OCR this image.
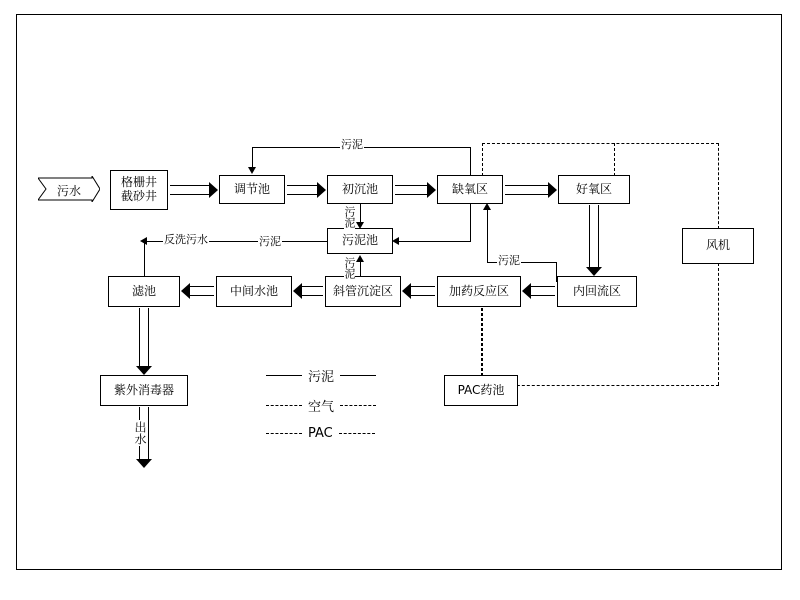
污水
格栅井
截砂井
调节池	初沉池	缺氧区	好氧区
风机
污泥池
滤池	中间水池	斜管沉淀区	加药反应区	内回流区
紫外消毒器	PAC药池
出水
污泥
污泥
污泥
污泥	污泥
反洗污水
污泥
空气
PAC
